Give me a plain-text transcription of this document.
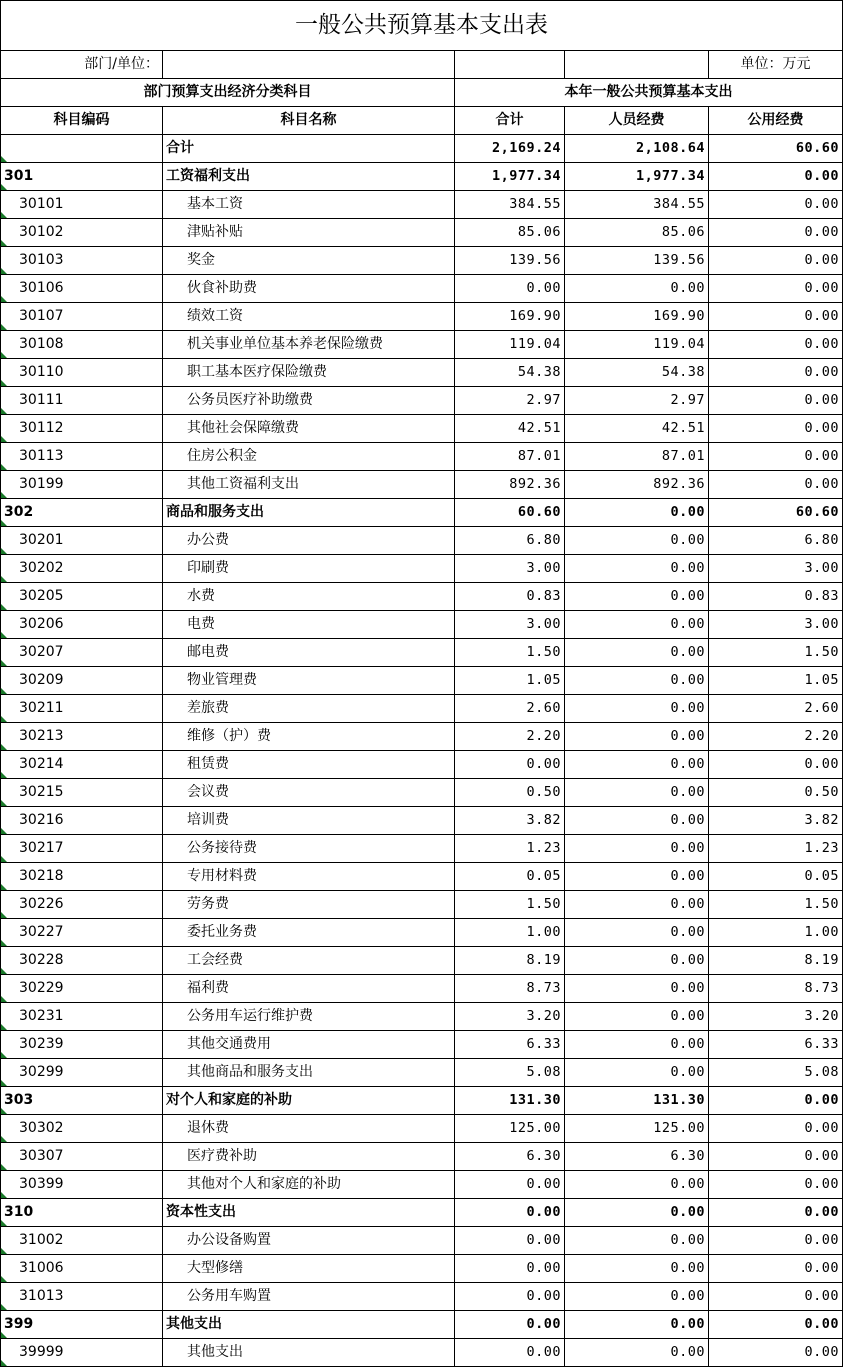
一般公共预算基本支出表				
部门/单位：				单位：万元
部门预算支出经济分类科目		本年一般公共预算基本支出		
科目编码	科目名称	合计	人员经费	公用经费

	合计	2,169.24	2,108.64	60.60
301	工资福利支出	1,977.34	1,977.34	0.00
30101	基本工资	384.55	384.55	0.00
30102	津贴补贴	85.06	85.06	0.00
30103	奖金	139.56	139.56	0.00
30106	伙食补助费	0.00	0.00	0.00
30107	绩效工资	169.90	169.90	0.00
30108	机关事业单位基本养老保险缴费	119.04	119.04	0.00
30110	职工基本医疗保险缴费	54.38	54.38	0.00
30111	公务员医疗补助缴费	2.97	2.97	0.00
30112	其他社会保障缴费	42.51	42.51	0.00
30113	住房公积金	87.01	87.01	0.00
30199	其他工资福利支出	892.36	892.36	0.00
302	商品和服务支出	60.60	0.00	60.60
30201	办公费	6.80	0.00	6.80
30202	印刷费	3.00	0.00	3.00
30205	水费	0.83	0.00	0.83
30206	电费	3.00	0.00	3.00
30207	邮电费	1.50	0.00	1.50
30209	物业管理费	1.05	0.00	1.05
30211	差旅费	2.60	0.00	2.60
30213	维修（护）费	2.20	0.00	2.20
30214	租赁费	0.00	0.00	0.00
30215	会议费	0.50	0.00	0.50
30216	培训费	3.82	0.00	3.82
30217	公务接待费	1.23	0.00	1.23
30218	专用材料费	0.05	0.00	0.05
30226	劳务费	1.50	0.00	1.50
30227	委托业务费	1.00	0.00	1.00
30228	工会经费	8.19	0.00	8.19
30229	福利费	8.73	0.00	8.73
30231	公务用车运行维护费	3.20	0.00	3.20
30239	其他交通费用	6.33	0.00	6.33
30299	其他商品和服务支出	5.08	0.00	5.08
303	对个人和家庭的补助	131.30	131.30	0.00
30302	退休费	125.00	125.00	0.00
30307	医疗费补助	6.30	6.30	0.00
30399	其他对个人和家庭的补助	0.00	0.00	0.00
310	资本性支出	0.00	0.00	0.00
31002	办公设备购置	0.00	0.00	0.00
31006	大型修缮	0.00	0.00	0.00
31013	公务用车购置	0.00	0.00	0.00
399	其他支出	0.00	0.00	0.00
39999	其他支出	0.00	0.00	0.00
